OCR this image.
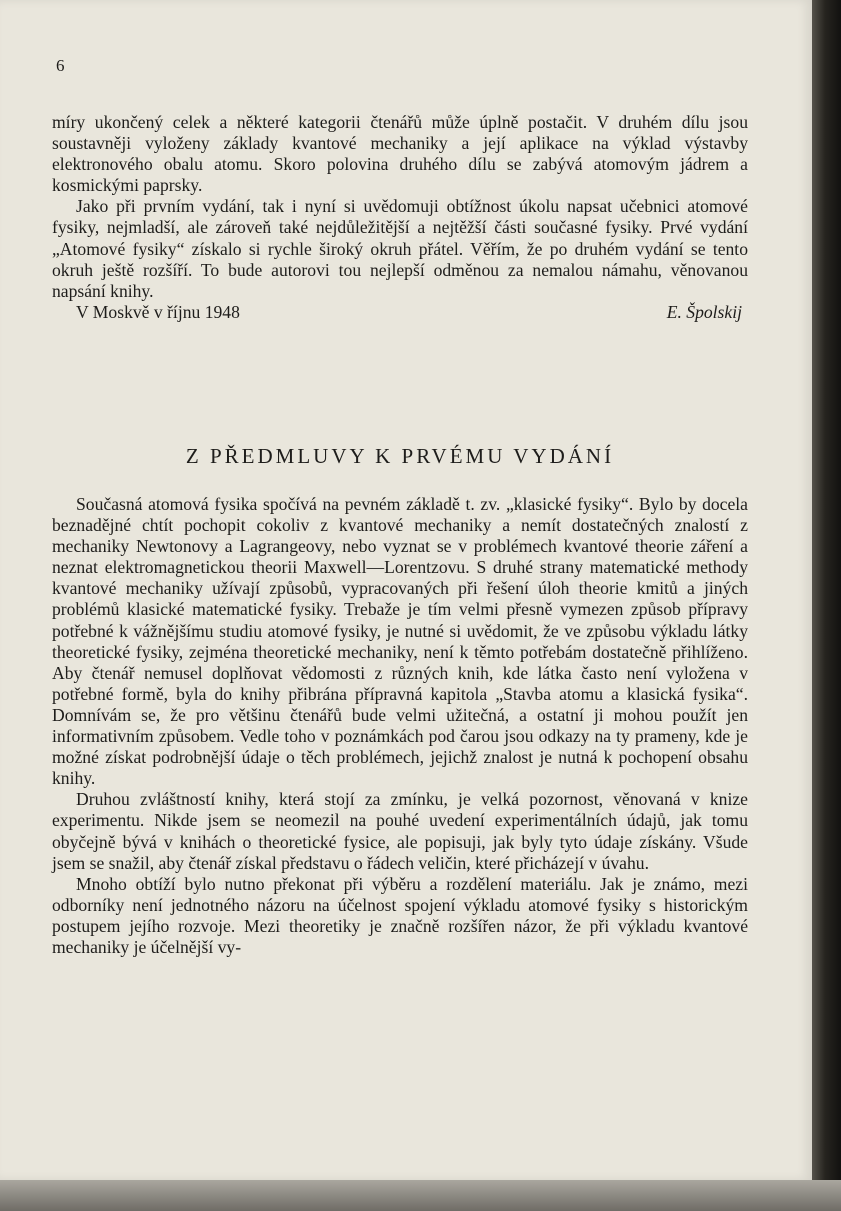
6

míry ukončený celek a některé kategorii čtenářů může úplně postačit. V druhém dílu jsou soustavněji vyloženy základy kvantové mechaniky a její aplikace na výklad výstavby elektronového obalu atomu. Skoro polovina druhého dílu se zabývá atomovým jádrem a kosmickými paprsky.

Jako při prvním vydání, tak i nyní si uvědomuji obtížnost úkolu napsat učebnici atomové fysiky, nejmladší, ale zároveň také nejdůležitější a nejtěžší části současné fysiky. Prvé vydání „Atomové fysiky“ získalo si rychle široký okruh přátel. Věřím, že po druhém vydání se tento okruh ještě rozšíří. To bude autorovi tou nejlepší odměnou za nemalou námahu, věnovanou napsání knihy.

V Moskvě v říjnu 1948	E. Špolskij

Z PŘEDMLUVY K PRVÉMU VYDÁNÍ

Současná atomová fysika spočívá na pevném základě t. zv. „klasické fysiky“. Bylo by docela beznadějné chtít pochopit cokoliv z kvantové mechaniky a nemít dostatečných znalostí z mechaniky Newtonovy a Lagrangeovy, nebo vyznat se v problémech kvantové theorie záření a neznat elektromagnetickou theorii Maxwell—Lorentzovu. S druhé strany matematické methody kvantové mechaniky užívají způsobů, vypracovaných při řešení úloh theorie kmitů a jiných problémů klasické matematické fysiky. Trebaže je tím velmi přesně vymezen způsob přípravy potřebné k vážnějšímu studiu atomové fysiky, je nutné si uvědomit, že ve způsobu výkladu látky theoretické fysiky, zejména theoretické mechaniky, není k těmto potřebám dostatečně přihlíženo. Aby čtenář nemusel doplňovat vědomosti z různých knih, kde látka často není vyložena v potřebné formě, byla do knihy přibrána přípravná kapitola „Stavba atomu a klasická fysika“. Domnívám se, že pro většinu čtenářů bude velmi užitečná, a ostatní ji mohou použít jen informativním způsobem. Vedle toho v poznámkách pod čarou jsou odkazy na ty prameny, kde je možné získat podrobnější údaje o těch problémech, jejichž znalost je nutná k pochopení obsahu knihy.

Druhou zvláštností knihy, která stojí za zmínku, je velká pozornost, věnovaná v knize experimentu. Nikde jsem se neomezil na pouhé uvedení experimentálních údajů, jak tomu obyčejně bývá v knihách o theoretické fysice, ale popisuji, jak byly tyto údaje získány. Všude jsem se snažil, aby čtenář získal představu o řádech veličin, které přicházejí v úvahu.

Mnoho obtíží bylo nutno překonat při výběru a rozdělení materiálu. Jak je známo, mezi odborníky není jednotného názoru na účelnost spojení výkladu atomové fysiky s historickým postupem jejího rozvoje. Mezi theoretiky je značně rozšířen názor, že při výkladu kvantové mechaniky je účelnější vy-
